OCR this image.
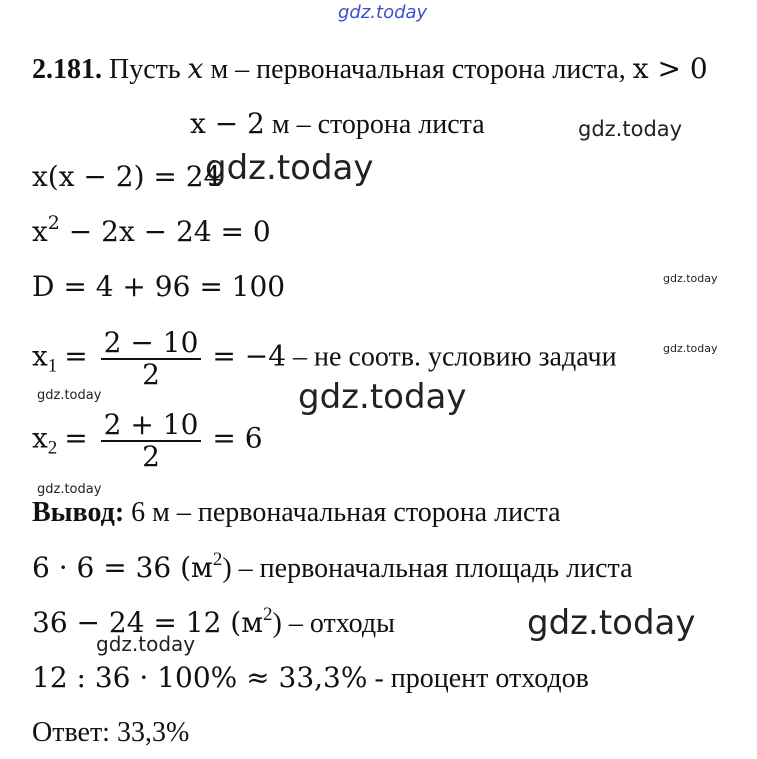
gdz.today
gdz.today
gdz.today
gdz.today
gdz.today
gdz.today
gdz.today
gdz.today
gdz.today
gdz.today
2.181. Пусть x м – первоначальная сторона листа, x > 0
x − 2 м – сторона листа
x(x − 2) = 24
$x^2 - 2x - 24 = 0$
D = 4 + 96 = 100
$x_1 = \frac{2 - 10}{2} = -4$ – не соотв. условию задачи
$x_2 = \frac{2 + 10}{2} = 6$
Вывод: 6 м – первоначальная сторона листа
6 · 6 = 36 $(м^2)$ – первоначальная площадь листа
36 − 24 = 12 $(м^2)$ – отходы
12 : 36 · 100% ≈ 33,3% - процент отходов
Ответ: 33,3%
